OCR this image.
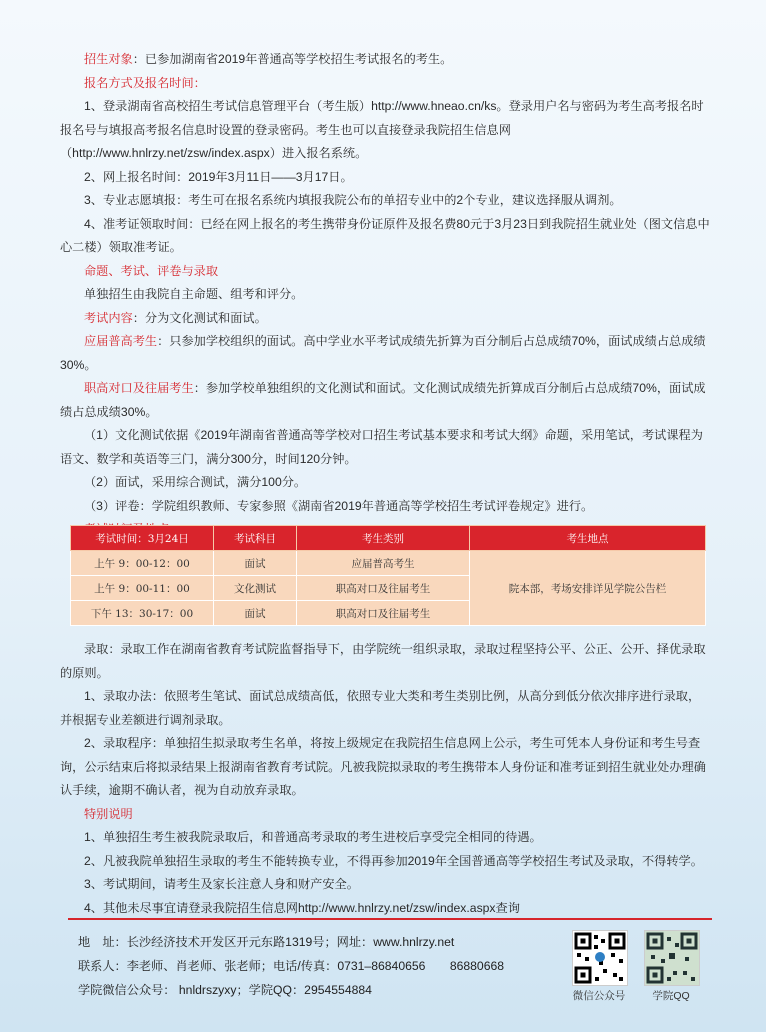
招生对象：已参加湖南省2019年普通高等学校招生考试报名的考生。

报名方式及报名时间：

1、登录湖南省高校招生考试信息管理平台（考生版）http://www.hneao.cn/ks。登录用户名与密码为考生高考报名时报名号与填报高考报名信息时设置的登录密码。考生也可以直接登录我院招生信息网（http://www.hnlrzy.net/zsw/index.aspx）进入报名系统。

2、网上报名时间：2019年3月11日——3月17日。

3、专业志愿填报：考生可在报名系统内填报我院公布的单招专业中的2个专业，建议选择服从调剂。

4、准考证领取时间：已经在网上报名的考生携带身份证原件及报名费80元于3月23日到我院招生就业处（图文信息中心二楼）领取准考证。

命题、考试、评卷与录取

单独招生由我院自主命题、组考和评分。

考试内容：分为文化测试和面试。

应届普高考生：只参加学校组织的面试。高中学业水平考试成绩先折算为百分制后占总成绩70%，面试成绩占总成绩30%。

职高对口及往届考生：参加学校单独组织的文化测试和面试。文化测试成绩先折算成百分制后占总成绩70%，面试成绩占总成绩30%。

（1）文化测试依据《2019年湖南省普通高等学校对口招生考试基本要求和考试大纲》命题，采用笔试，考试课程为语文、数学和英语等三门，满分300分，时间120分钟。

（2）面试，采用综合测试，满分100分。

（3）评卷：学院组织教师、专家参照《湖南省2019年普通高等学校招生考试评卷规定》进行。

考试时间：3月24日	考试科目	考生类别	考生地点
上午 9：00-12：00	面试	应届普高考生	院本部，考场安排详见学院公告栏
上午 9：00-11：00	文化测试	职高对口及往届考生	
下午 13：30-17：00	面试	职高对口及往届考生	

录取：录取工作在湖南省教育考试院监督指导下，由学院统一组织录取，录取过程坚持公平、公正、公开、择优录取的原则。

1、录取办法：依照考生笔试、面试总成绩高低，依照专业大类和考生类别比例，从高分到低分依次排序进行录取，并根据专业差额进行调剂录取。

2、录取程序：单独招生拟录取考生名单，将按上级规定在我院招生信息网上公示，考生可凭本人身份证和考生号查询，公示结束后将拟录结果上报湖南省教育考试院。凡被我院拟录取的考生携带本人身份证和准考证到招生就业处办理确认手续，逾期不确认者，视为自动放弃录取。

特别说明

1、单独招生考生被我院录取后，和普通高考录取的考生进校后享受完全相同的待遇。

2、凡被我院单独招生录取的考生不能转换专业，不得再参加2019年全国普通高等学校招生考试及录取，不得转学。

3、考试期间，请考生及家长注意人身和财产安全。

4、其他未尽事宜请登录我院招生信息网http://www.hnlrzy.net/zsw/index.aspx查询

地　址：长沙经济技术开发区开元东路1319号；网址：www.hnlrzy.net
联系人：李老师、肖老师、张老师；电话/传真：0731–86840656　　86880668
学院微信公众号： hnldrszyxy；学院QQ：2954554884	微信公众号	学院QQ
